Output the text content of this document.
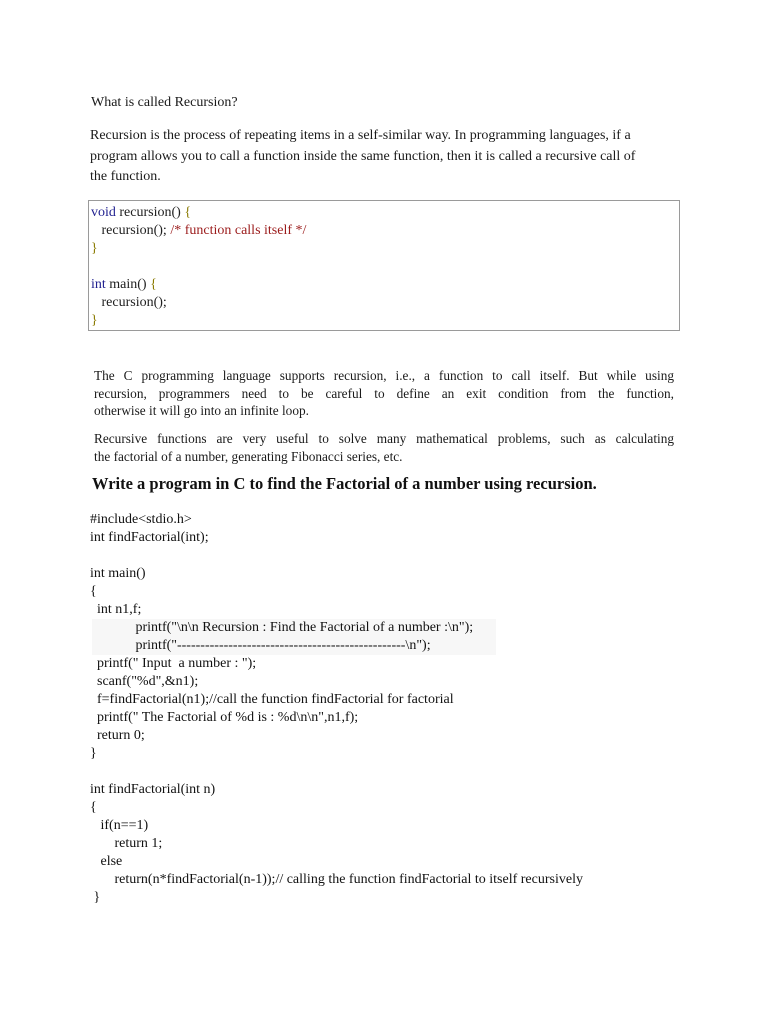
What is called Recursion?
Recursion is the process of repeating items in a self-similar way. In programming languages, if a
program allows you to call a function inside the same function, then it is called a recursive call of
the function.
void recursion() {
recursion(); /* function calls itself */
}
int main() {
recursion();
}
The C programming language supports recursion, i.e., a function to call itself. But while using
recursion, programmers need to be careful to define an exit condition from the function,
otherwise it will go into an infinite loop.
Recursive functions are very useful to solve many mathematical problems, such as calculating
the factorial of a number, generating Fibonacci series, etc.
Write a program in C to find the Factorial of a number using recursion.
#include<stdio.h>
int findFactorial(int);
int main()
{
int n1,f;
printf("\n\n Recursion : Find the Factorial of a number :\n");
printf("-------------------------------------------------\n");
printf(" Input  a number : ");
scanf("%d",&n1);
f=findFactorial(n1);//call the function findFactorial for factorial
printf(" The Factorial of %d is : %d\n\n",n1,f);
return 0;
}
int findFactorial(int n)
{
if(n==1)
return 1;
else
return(n*findFactorial(n-1));// calling the function findFactorial to itself recursively
}
